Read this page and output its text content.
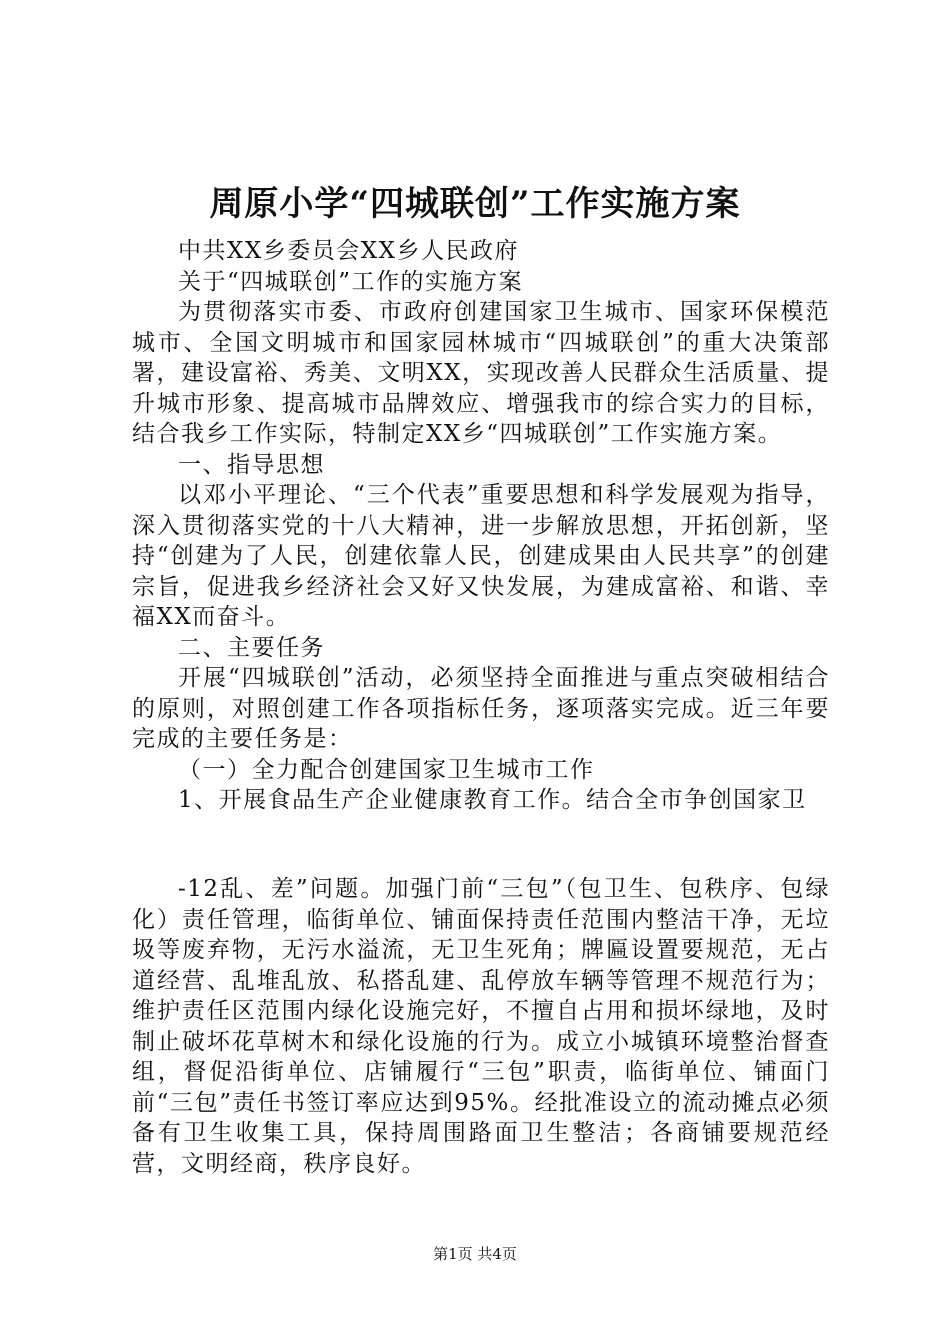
周原小学“四城联创”工作实施方案

中共XX乡委员会XX乡人民政府

关于“四城联创”工作的实施方案

为贯彻落实市委、市政府创建国家卫生城市、国家环保模范城市、全国文明城市和国家园林城市“四城联创”的重大决策部署，建设富裕、秀美、文明XX，实现改善人民群众生活质量、提升城市形象、提高城市品牌效应、增强我市的综合实力的目标，结合我乡工作实际，特制定XX乡“四城联创”工作实施方案。

一、指导思想

以邓小平理论、“三个代表”重要思想和科学发展观为指导，深入贯彻落实党的十八大精神，进一步解放思想，开拓创新，坚持“创建为了人民，创建依靠人民，创建成果由人民共享”的创建宗旨，促进我乡经济社会又好又快发展，为建成富裕、和谐、幸福XX而奋斗。

二、主要任务

开展“四城联创”活动，必须坚持全面推进与重点突破相结合的原则，对照创建工作各项指标任务，逐项落实完成。近三年要完成的主要任务是：

（一）全力配合创建国家卫生城市工作

1、开展食品生产企业健康教育工作。结合全市争创国家卫

-12乱、差”问题。加强门前“三包”（包卫生、包秩序、包绿化）责任管理，临街单位、铺面保持责任范围内整洁干净，无垃圾等废弃物，无污水溢流，无卫生死角；牌匾设置要规范，无占道经营、乱堆乱放、私搭乱建、乱停放车辆等管理不规范行为；维护责任区范围内绿化设施完好，不擅自占用和损坏绿地，及时制止破坏花草树木和绿化设施的行为。成立小城镇环境整治督查组，督促沿街单位、店铺履行“三包”职责，临街单位、铺面门前“三包”责任书签订率应达到95%。经批准设立的流动摊点必须备有卫生收集工具，保持周围路面卫生整洁；各商铺要规范经营，文明经商，秩序良好。

第1页 共4页
